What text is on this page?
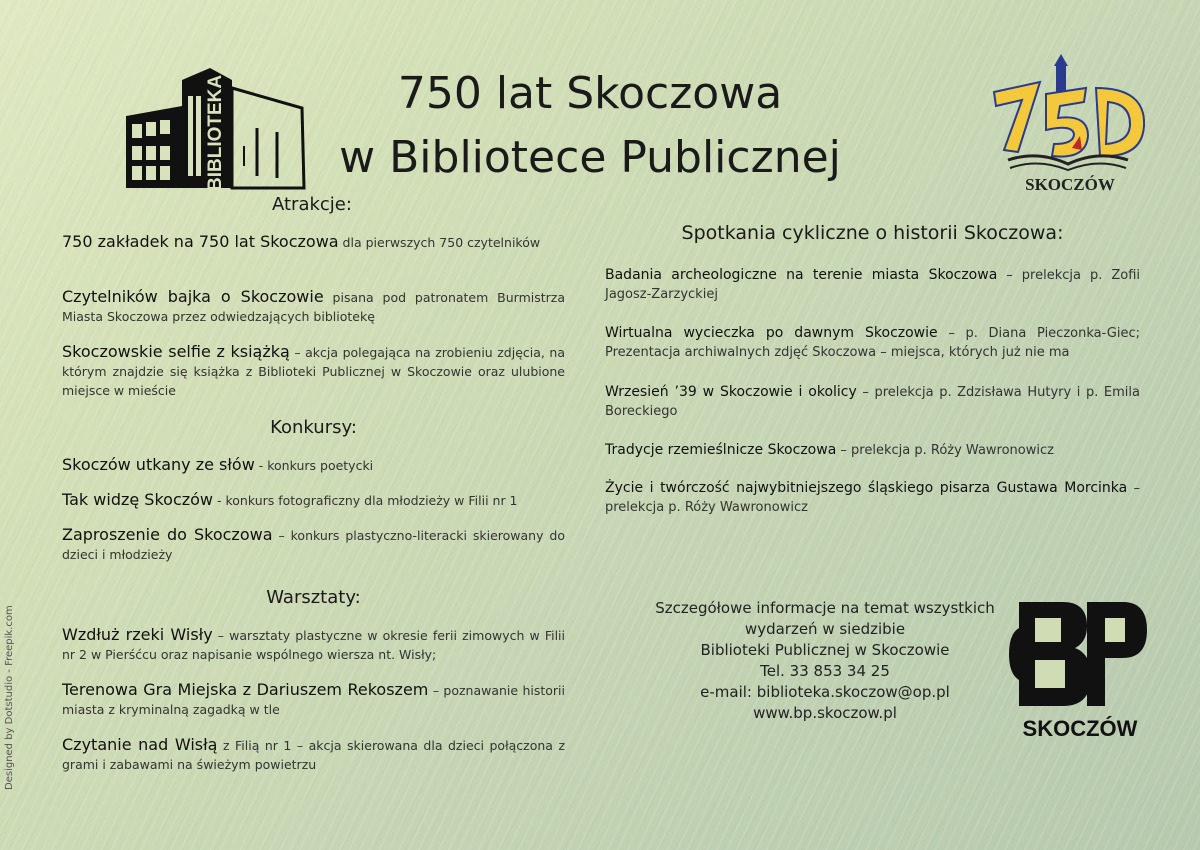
BIBLIOTEKA	750 lat Skoczowa
w Bibliotece Publicznej
SKOCZÓW
Atrakcje:
750 zakładek na 750 lat Skoczowa dla pierwszych 750 czytelników
Czytelników bajka o Skoczowie pisana pod patronatem Burmistrza Miasta Skoczowa przez odwiedzających bibliotekę
Skoczowskie selfie z książką – akcja polegająca na zrobieniu zdjęcia, na którym znajdzie się książka z Biblioteki Publicznej w Skoczowie oraz ulubione miejsce w mieście
Konkursy:
Skoczów utkany ze słów - konkurs poetycki
Tak widzę Skoczów - konkurs fotograficzny dla młodzieży w Filii nr 1
Zaproszenie do Skoczowa – konkurs plastyczno-literacki skierowany do dzieci i młodzieży
Warsztaty:
Wzdłuż rzeki Wisły – warsztaty plastyczne w okresie ferii zimowych w Filii nr 2 w Pierśćcu oraz napisanie wspólnego wiersza nt. Wisły;
Terenowa Gra Miejska z Dariuszem Rekoszem – poznawanie historii miasta z kryminalną zagadką w tle
Czytanie nad Wisłą z Filią nr 1 – akcja skierowana dla dzieci połączona z grami i zabawami na świeżym powietrzu
Spotkania cykliczne o historii Skoczowa:
Badania archeologiczne na terenie miasta Skoczowa – prelekcja p. Zofii Jagosz-Zarzyckiej
Wirtualna wycieczka po dawnym Skoczowie – p. Diana Pieczonka-Giec; Prezentacja archiwalnych zdjęć Skoczowa – miejsca, których już nie ma
Wrzesień ’39 w Skoczowie i okolicy – prelekcja p. Zdzisława Hutyry i p. Emila Boreckiego
Tradycje rzemieślnicze Skoczowa – prelekcja p. Róży Wawronowicz
Życie i twórczość najwybitniejszego śląskiego pisarza Gustawa Morcinka – prelekcja p. Róży Wawronowicz
Szczegółowe informacje na temat wszystkich
wydarzeń w siedzibie
Biblioteki Publicznej w Skoczowie
Tel. 33 853 34 25
e-mail: biblioteka.skoczow@op.pl
www.bp.skoczow.pl
SKOCZÓW
Designed by Dotstudio - Freepik.com
